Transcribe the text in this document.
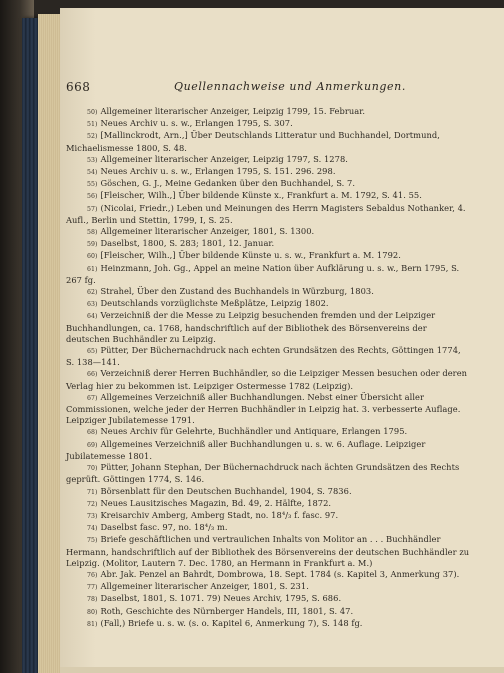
668	Quellennachweise und Anmerkungen.

50) Allgemeiner literarischer Anzeiger, Leipzig 1799, 15. Februar.

51) Neues Archiv u. s. w., Erlangen 1795, S. 307.

52) [Mallinckrodt, Arn.,] Über Deutschlands Litteratur und Buchhandel, Dortmund, Michaelismesse 1800, S. 48.

53) Allgemeiner literarischer Anzeiger, Leipzig 1797, S. 1278.

54) Neues Archiv u. s. w., Erlangen 1795, S. 151. 296. 298.

55) Göschen, G. J., Meine Gedanken über den Buchhandel, S. 7.

56) [Fleischer, Wilh.,] Über bildende Künste x., Frankfurt a. M. 1792, S. 41. 55.

57) (Nicolai, Friedr.,) Leben und Meinungen des Herrn Magisters Sebaldus Nothanker, 4. Aufl., Berlin und Stettin, 1799, I, S. 25.

58) Allgemeiner literarischer Anzeiger, 1801, S. 1300.

59) Daselbst, 1800, S. 283; 1801, 12. Januar.

60) [Fleischer, Wilh.,] Über bildende Künste u. s. w., Frankfurt a. M. 1792.

61) Heinzmann, Joh. Gg., Appel an meine Nation über Aufklärung u. s. w., Bern 1795, S. 267 fg.

62) Strahel, Über den Zustand des Buchhandels in Würzburg, 1803.

63) Deutschlands vorzüglichste Meßplätze, Leipzig 1802.

64) Verzeichniß der die Messe zu Leipzig besuchenden fremden und der Leipziger Buchhandlungen, ca. 1768, handschriftlich auf der Bibliothek des Börsenvereins der deutschen Buchhändler zu Leipzig.

65) Pütter, Der Büchernachdruck nach echten Grundsätzen des Rechts, Göttingen 1774, S. 138—141.

66) Verzeichniß derer Herren Buchhändler, so die Leipziger Messen besuchen oder deren Verlag hier zu bekommen ist. Leipziger Ostermesse 1782 (Leipzig).

67) Allgemeines Verzeichniß aller Buchhandlungen. Nebst einer Übersicht aller Commissionen, welche jeder der Herren Buchhändler in Leipzig hat. 3. verbesserte Auflage. Leipziger Jubilatemesse 1791.

68) Neues Archiv für Gelehrte, Buchhändler und Antiquare, Erlangen 1795.

69) Allgemeines Verzeichniß aller Buchhandlungen u. s. w. 6. Auflage. Leipziger Jubilatemesse 1801.

70) Pütter, Johann Stephan, Der Büchernachdruck nach ächten Grundsätzen des Rechts geprüft. Göttingen 1774, S. 146.

71) Börsenblatt für den Deutschen Buchhandel, 1904, S. 7836.

72) Neues Lausitzisches Magazin, Bd. 49, 2. Hälfte, 1872.

73) Kreisarchiv Amberg, Amberg Stadt, no. 18⁴/₃ f. fasc. 97.

74) Daselbst fasc. 97, no. 18⁴/₃ m.

75) Briefe geschäftlichen und vertraulichen Inhalts von Molitor an . . . Buchhändler Hermann, handschriftlich auf der Bibliothek des Börsenvereins der deutschen Buchhändler zu Leipzig. (Molitor, Lautern 7. Dec. 1780, an Hermann in Frankfurt a. M.)

76) Abr. Jak. Penzel an Bahrdt, Dombrowa, 18. Sept. 1784 (s. Kapitel 3, Anmerkung 37).

77) Allgemeiner literarischer Anzeiger, 1801, S. 231.

78) Daselbst, 1801, S. 1071. 79) Neues Archiv, 1795, S. 686.

80) Roth, Geschichte des Nürnberger Handels, III, 1801, S. 47.

81) (Fall,) Briefe u. s. w. (s. o. Kapitel 6, Anmerkung 7), S. 148 fg.
